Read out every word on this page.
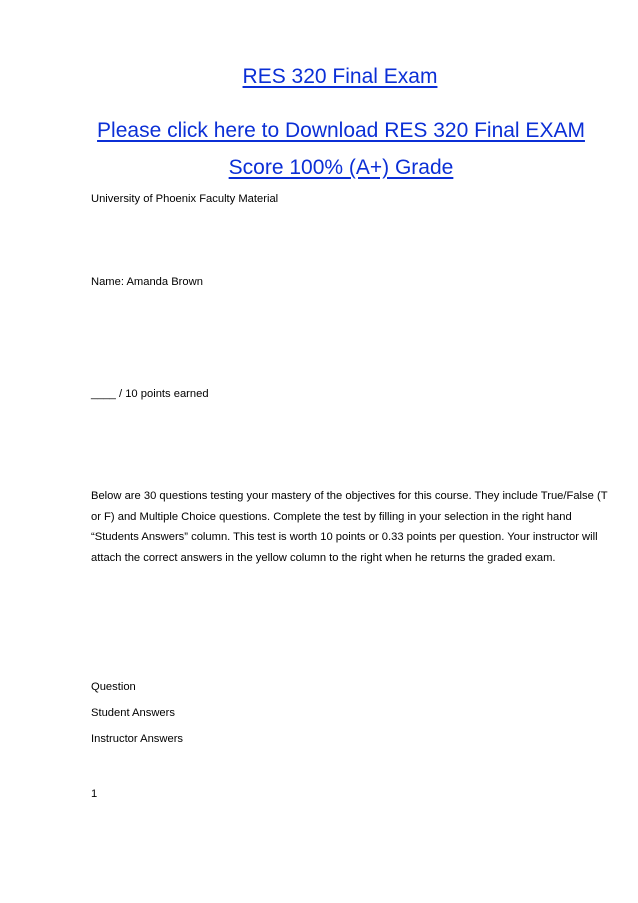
RES 320 Final Exam
Please click here to Download RES 320 Final EXAM Score 100% (A+) Grade
University of Phoenix Faculty Material
Name: Amanda Brown
____ / 10 points earned
Below are 30 questions testing your mastery of the objectives for this course. They include True/False (T or F) and Multiple Choice questions. Complete the test by filling in your selection in the right hand “Students Answers” column. This test is worth 10 points or 0.33 points per question. Your instructor will attach the correct answers in the yellow column to the right when he returns the graded exam.
Question
Student Answers
Instructor Answers
1
